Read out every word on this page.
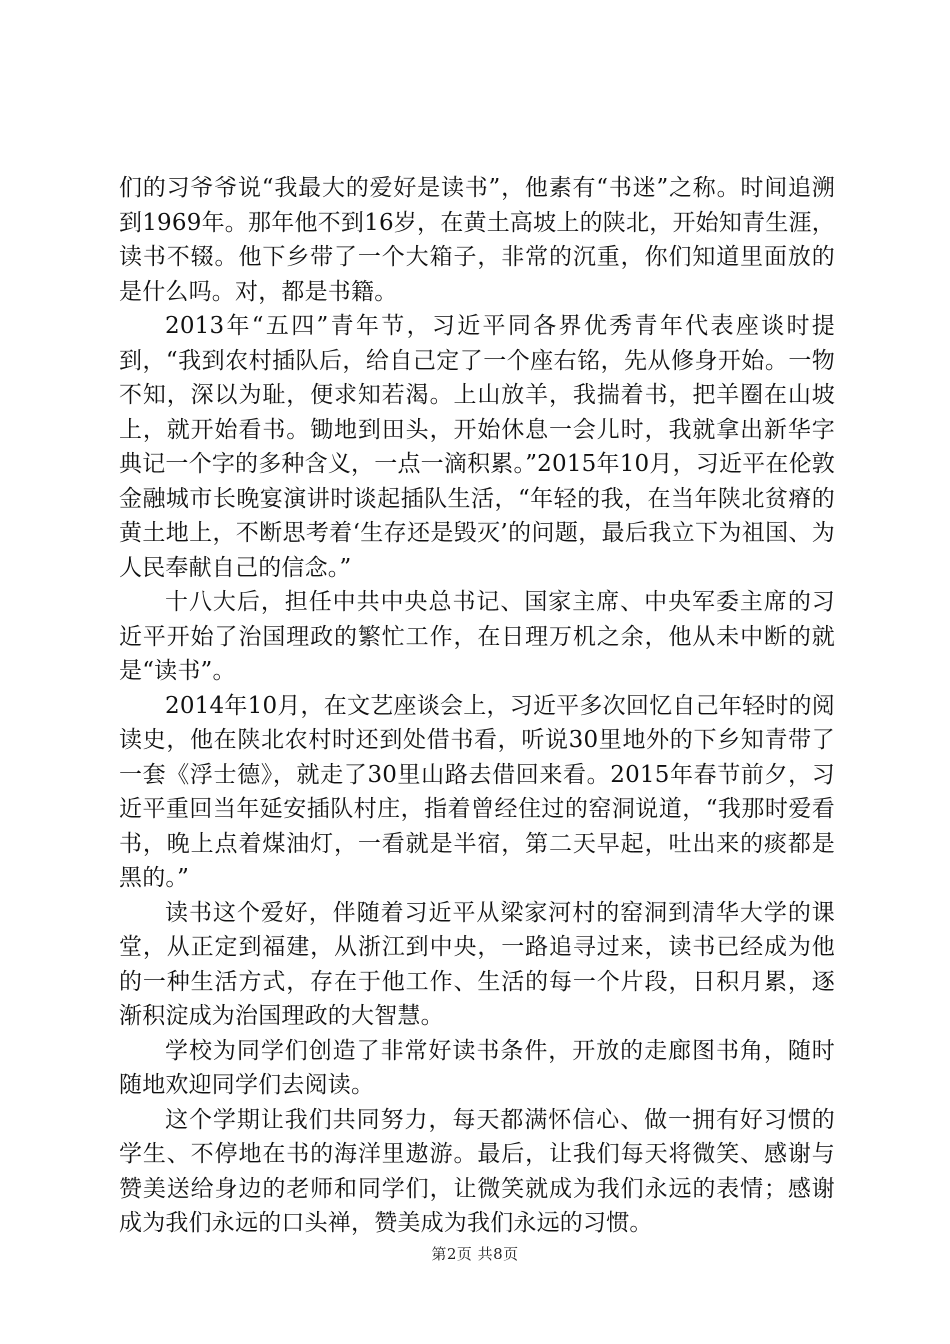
们的习爷爷说“我最大的爱好是读书”，他素有“书迷”之称。时间追溯到1969年。那年他不到16岁，在黄土高坡上的陕北，开始知青生涯，读书不辍。他下乡带了一个大箱子，非常的沉重，你们知道里面放的是什么吗。对，都是书籍。

2013年“五四”青年节，习近平同各界优秀青年代表座谈时提到，“我到农村插队后，给自己定了一个座右铭，先从修身开始。一物不知，深以为耻，便求知若渴。上山放羊，我揣着书，把羊圈在山坡上，就开始看书。锄地到田头，开始休息一会儿时，我就拿出新华字典记一个字的多种含义，一点一滴积累。”2015年10月，习近平在伦敦金融城市长晚宴演讲时谈起插队生活，“年轻的我，在当年陕北贫瘠的黄土地上，不断思考着‘生存还是毁灭’的问题，最后我立下为祖国、为人民奉献自己的信念。”

十八大后，担任中共中央总书记、国家主席、中央军委主席的习近平开始了治国理政的繁忙工作，在日理万机之余，他从未中断的就是“读书”。

2014年10月，在文艺座谈会上，习近平多次回忆自己年轻时的阅读史，他在陕北农村时还到处借书看，听说30里地外的下乡知青带了一套《浮士德》，就走了30里山路去借回来看。2015年春节前夕，习近平重回当年延安插队村庄，指着曾经住过的窑洞说道，“我那时爱看书，晚上点着煤油灯，一看就是半宿，第二天早起，吐出来的痰都是黑的。”

读书这个爱好，伴随着习近平从梁家河村的窑洞到清华大学的课堂，从正定到福建，从浙江到中央，一路追寻过来，读书已经成为他的一种生活方式，存在于他工作、生活的每一个片段，日积月累，逐渐积淀成为治国理政的大智慧。

学校为同学们创造了非常好读书条件，开放的走廊图书角，随时随地欢迎同学们去阅读。

这个学期让我们共同努力，每天都满怀信心、做一拥有好习惯的学生、不停地在书的海洋里遨游。最后，让我们每天将微笑、感谢与赞美送给身边的老师和同学们，让微笑就成为我们永远的表情；感谢成为我们永远的口头禅，赞美成为我们永远的习惯。

第2页 共8页
